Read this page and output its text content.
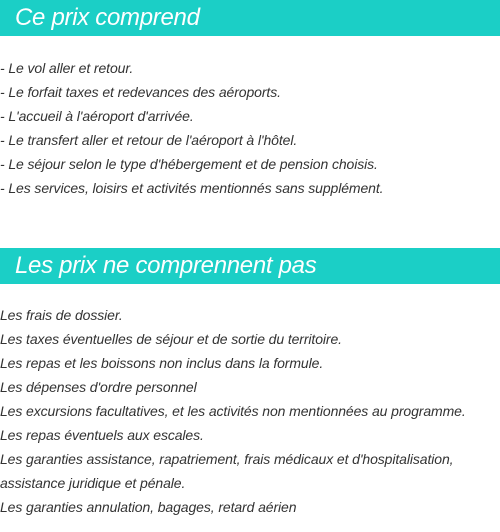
Ce prix comprend
- Le vol aller et retour.
- Le forfait taxes et redevances des aéroports.
- L'accueil à l'aéroport d'arrivée.
- Le transfert aller et retour de l'aéroport à l'hôtel.
- Le séjour selon le type d'hébergement et de pension choisis.
- Les services, loisirs et activités mentionnés sans supplément.
Les prix ne comprennent pas
Les frais de dossier.
Les taxes éventuelles de séjour et de sortie du territoire.
Les repas et les boissons non inclus dans la formule.
Les dépenses d'ordre personnel
Les excursions facultatives, et les activités non mentionnées au programme.
Les repas éventuels aux escales.
Les garanties assistance, rapatriement, frais médicaux et d'hospitalisation,
assistance juridique et pénale.
Les garanties annulation, bagages, retard aérien
